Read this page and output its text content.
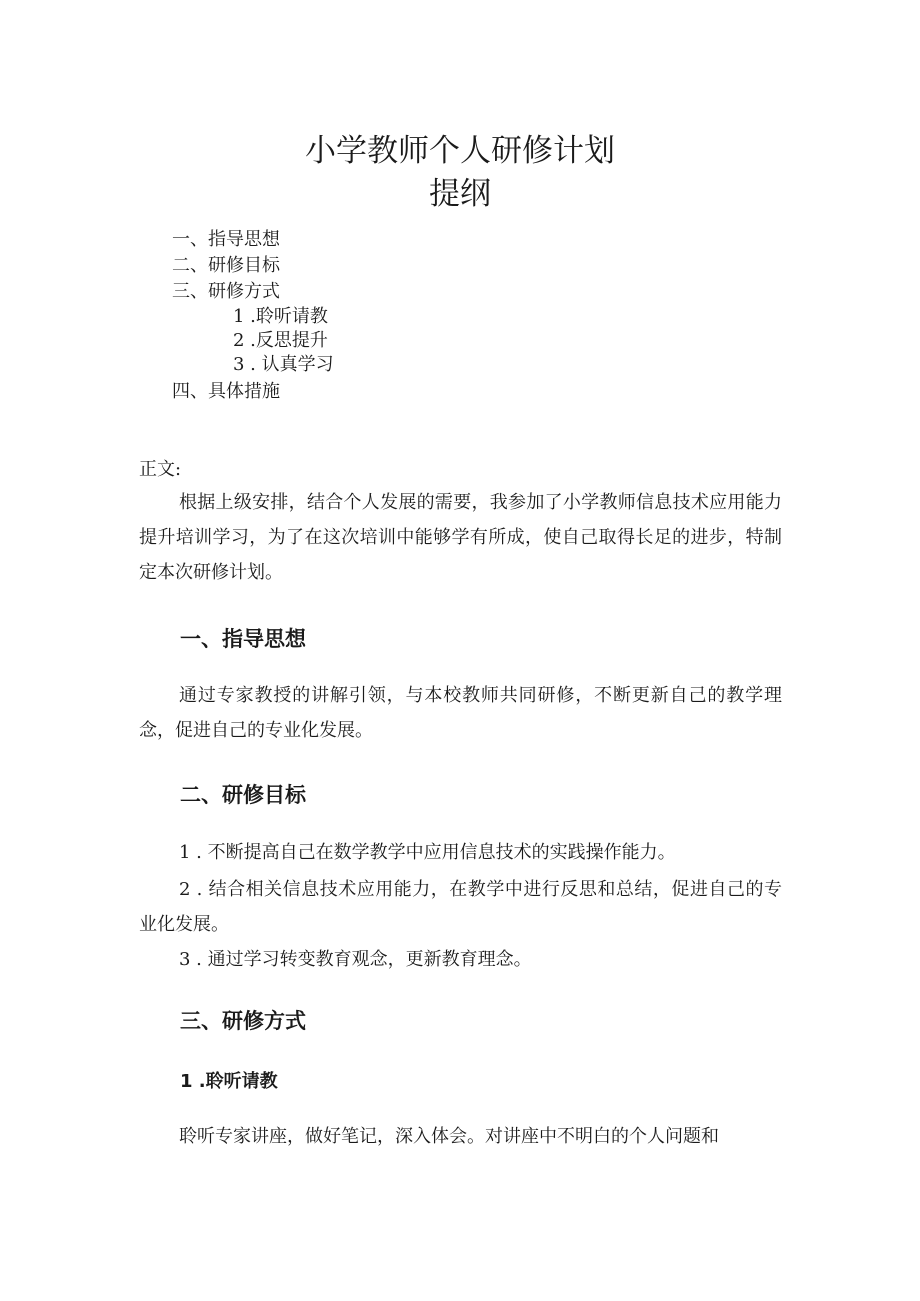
小学教师个人研修计划
提纲
一、指导思想
二、研修目标
三、研修方式
1 .聆听请教
2 .反思提升
3 . 认真学习
四、具体措施
正文:

根据上级安排，结合个人发展的需要，我参加了小学教师信息技术应用能力提升培训学习，为了在这次培训中能够学有所成，使自己取得长足的进步，特制定本次研修计划。

一、指导思想

通过专家教授的讲解引领，与本校教师共同研修，不断更新自己的教学理念，促进自己的专业化发展。

二、研修目标

1 . 不断提高自己在数学教学中应用信息技术的实践操作能力。

2 . 结合相关信息技术应用能力，在教学中进行反思和总结，促进自己的专业化发展。

3 . 通过学习转变教育观念，更新教育理念。

三、研修方式
1 .聆听请教

聆听专家讲座，做好笔记，深入体会。对讲座中不明白的个人问题和
